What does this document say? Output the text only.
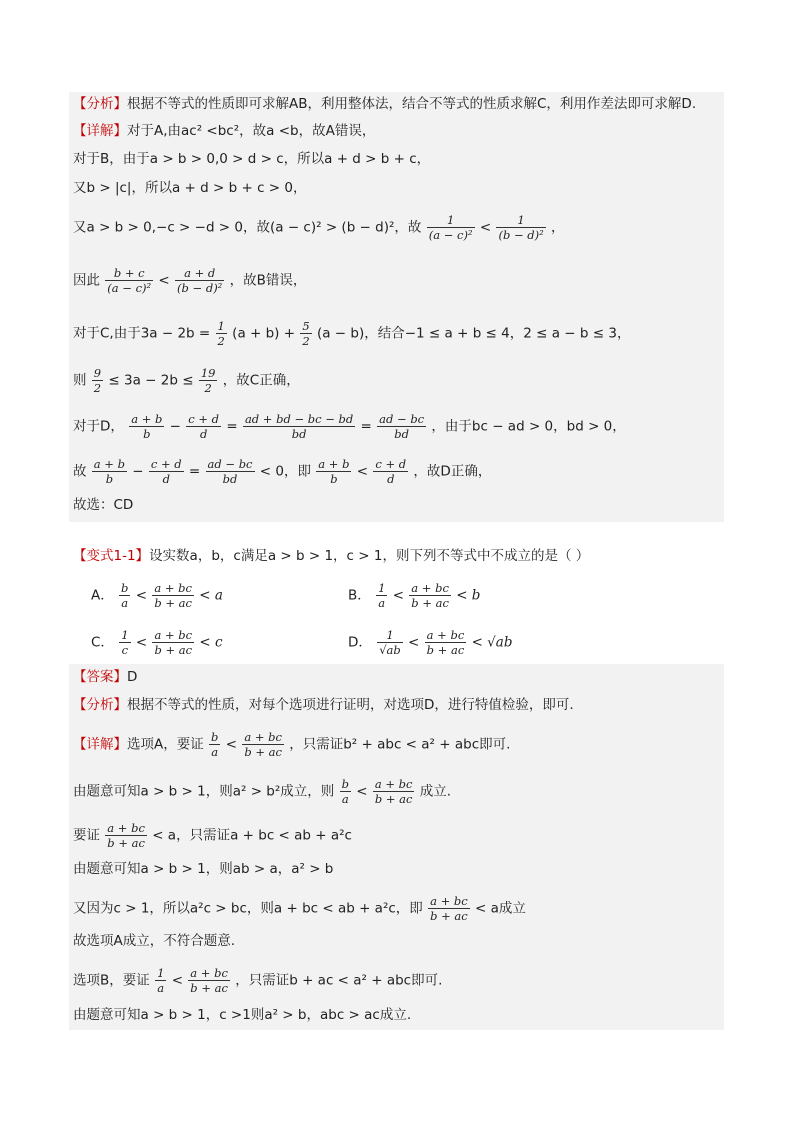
【分析】根据不等式的性质即可求解AB，利用整体法，结合不等式的性质求解C，利用作差法即可求解D.
【详解】对于A,由ac² <bc²，故a <b，故A错误，
对于B，由于a > b > 0,0 > d > c，所以a + d > b + c，
又b > |c|，所以a + d > b + c > 0，
又a > b > 0,−c > −d > 0，故(a − c)² > (b − d)²，故 $\frac{1}{\text{(a − c)²}} < \frac{1}{\text{(b − d)²}}$ ，
因此 $\frac{b + c}{\text{(a − c)²}} < \frac{a + d}{\text{(b − d)²}}$ ，故B错误，
对于C,由于$3a - 2b = \frac{1}{2} (a + b) + \frac{5}{2} (a - b)$，结合−1 ≤ a + b ≤ 4，2 ≤ a − b ≤ 3，
则 $\frac{9}{2} \le 3a - 2b \le \frac{19}{2}$ ，故C正确，
对于D， $\frac{a + b}{b} - \frac{c + d}{d} = \frac{ad + bd - bc - bd}{bd} = \frac{ad - bc}{bd}$ ，由于bc − ad > 0，bd > 0，
故 $\frac{a + b}{b} - \frac{c + d}{d} = \frac{ad - bc}{bd} < 0$，即 $\frac{a + b}{b} < \frac{c + d}{d}$ ，故D正确，
故选：CD
【变式1-1】设实数a，b，c满足a > b > 1，c > 1，则下列不等式中不成立的是（ ）
A． $\frac{b}{a} < \frac{a + bc}{b + ac} < a$	B． $\frac{1}{a} < \frac{a + bc}{b + ac} < b$
C． $\frac{1}{c} < \frac{a + bc}{b + ac} < c$	D． $\frac{1}{√ab} < \frac{a + bc}{b + ac} < √ab$
【答案】D
【分析】根据不等式的性质，对每个选项进行证明，对选项D，进行特值检验，即可.
【详解】选项A，要证 $\frac{b}{a} < \frac{a + bc}{b + ac}$ ，只需证b² + abc < a² + abc即可.
由题意可知a > b > 1，则a² > b²成立，则 $\frac{b}{a} < \frac{a + bc}{b + ac}$ 成立.
要证 $\frac{a + bc}{b + ac} < a$，只需证a + bc < ab + a²c
由题意可知a > b > 1，则ab > a，a² > b
又因为c > 1，所以a²c > bc，则a + bc < ab + a²c，即 $\frac{a + bc}{b + ac} < a$成立
故选项A成立，不符合题意.
选项B，要证 $\frac{1}{a} < \frac{a + bc}{b + ac}$ ，只需证b + ac < a² + abc即可.
由题意可知a > b > 1，c >1则a² > b，abc > ac成立.
